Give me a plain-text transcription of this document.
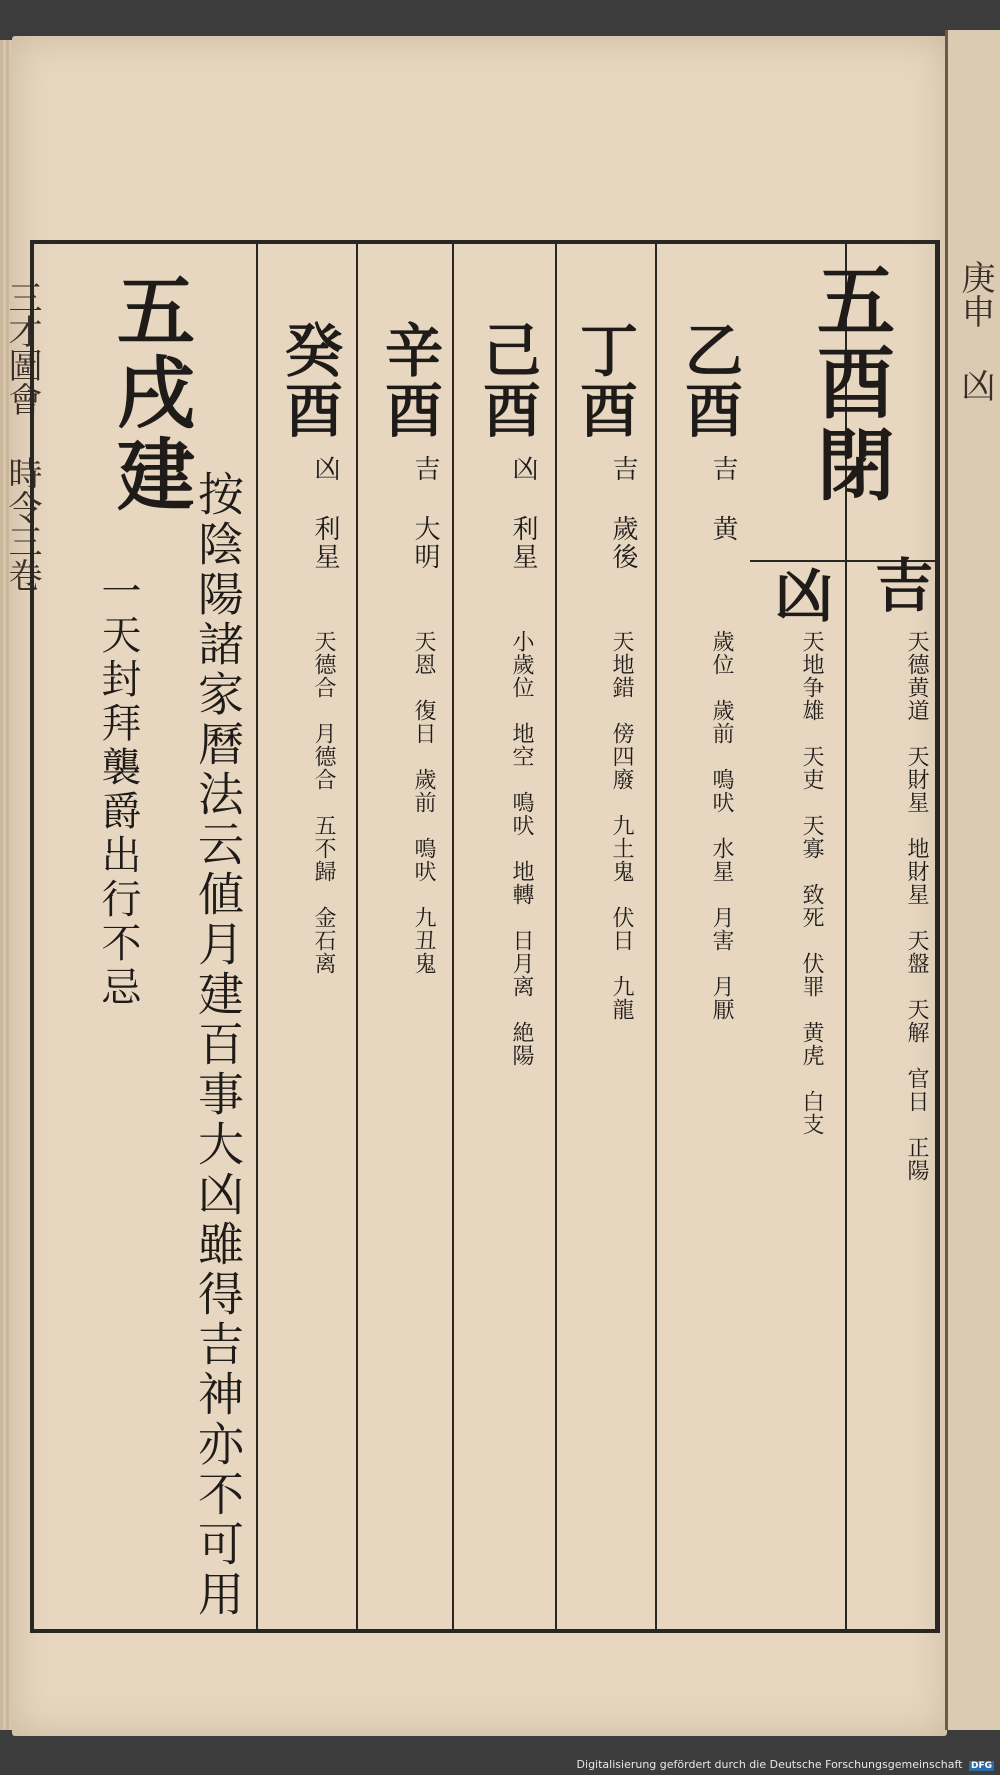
庚申 凶
三才圖會 時令三卷	五酉閉
吉
天德黄道　天財星　地財星　天盤　天解　官日　正陽
凶
天地争雄　天吏　天寡　致死　伏罪　黄虎　白支
乙酉
吉 黄
歲位　歲前　鳴吠　水星　月害　月厭
丁酉
吉 歲後
天地錯　傍四廢　九土鬼　伏日　九龍
己酉
凶 利星
小歲位　地空　鳴吠　地轉　日月离　絶陽
辛酉
吉 大明
天恩　復日　歲前　鳴吠　九丑鬼
癸酉
凶 利星
天德合　月德合　五不歸　金石离
五戌建
一天封拜襲爵出行不忌 按陰陽諸家曆法云値月建百事大凶雖得吉神亦不可用
Digitalisierung gefördert durch die Deutsche Forschungsgemeinschaft DFG
